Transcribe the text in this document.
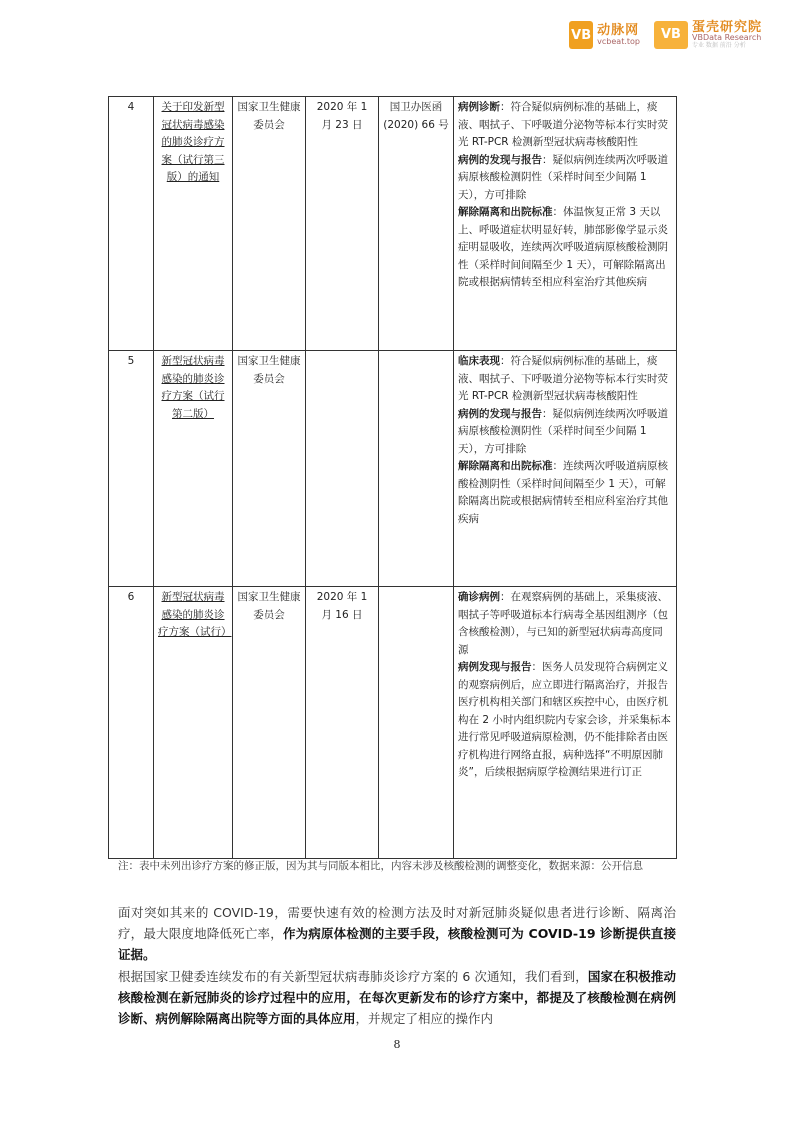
VB 动脉网
vcbeat.top	VB
蛋壳研究院
VBData Research
专业 数据 前沿 分析
4	关于印发新型冠状病毒感染的肺炎诊疗方案（试行第三版）的通知	国家卫生健康委员会	2020 年 1 月 23 日	国卫办医函(2020) 66 号	病例诊断：符合疑似病例标准的基础上，痰液、咽拭子、下呼吸道分泌物等标本行实时荧光 RT-PCR 检测新型冠状病毒核酸阳性
病例的发现与报告：疑似病例连续两次呼吸道病原核酸检测阴性（采样时间至少间隔 1 天），方可排除
解除隔离和出院标准：体温恢复正常 3 天以上、呼吸道症状明显好转，肺部影像学显示炎症明显吸收，连续两次呼吸道病原核酸检测阴性（采样时间间隔至少 1 天），可解除隔离出院或根据病情转至相应科室治疗其他疾病

5	新型冠状病毒感染的肺炎诊疗方案（试行第二版）	国家卫生健康委员会			临床表现：符合疑似病例标准的基础上，痰液、咽拭子、下呼吸道分泌物等标本行实时荧光 RT-PCR 检测新型冠状病毒核酸阳性
病例的发现与报告：疑似病例连续两次呼吸道病原核酸检测阴性（采样时间至少间隔 1 天），方可排除
解除隔离和出院标准：连续两次呼吸道病原核酸检测阴性（采样时间间隔至少 1 天），可解除隔离出院或根据病情转至相应科室治疗其他疾病

6	新型冠状病毒感染的肺炎诊疗方案（试行）	国家卫生健康委员会	2020 年 1 月 16 日		确诊病例：在观察病例的基础上，采集痰液、咽拭子等呼吸道标本行病毒全基因组测序（包含核酸检测），与已知的新型冠状病毒高度同源
病例发现与报告：医务人员发现符合病例定义的观察病例后，应立即进行隔离治疗，并报告医疗机构相关部门和辖区疾控中心，由医疗机构在 2 小时内组织院内专家会诊，并采集标本进行常见呼吸道病原检测，仍不能排除者由医疗机构进行网络直报，病种选择“不明原因肺炎”，后续根据病原学检测结果进行订正
注：表中未列出诊疗方案的修正版，因为其与同版本相比，内容未涉及核酸检测的调整变化，数据来源：公开信息
面对突如其来的 COVID-19，需要快速有效的检测方法及时对新冠肺炎疑似患者进行诊断、隔离治疗，最大限度地降低死亡率，作为病原体检测的主要手段，核酸检测可为 COVID-19 诊断提供直接证据。
根据国家卫健委连续发布的有关新型冠状病毒肺炎诊疗方案的 6 次通知，我们看到，国家在积极推动核酸检测在新冠肺炎的诊疗过程中的应用，在每次更新发布的诊疗方案中，都提及了核酸检测在病例诊断、病例解除隔离出院等方面的具体应用，并规定了相应的操作内
8
